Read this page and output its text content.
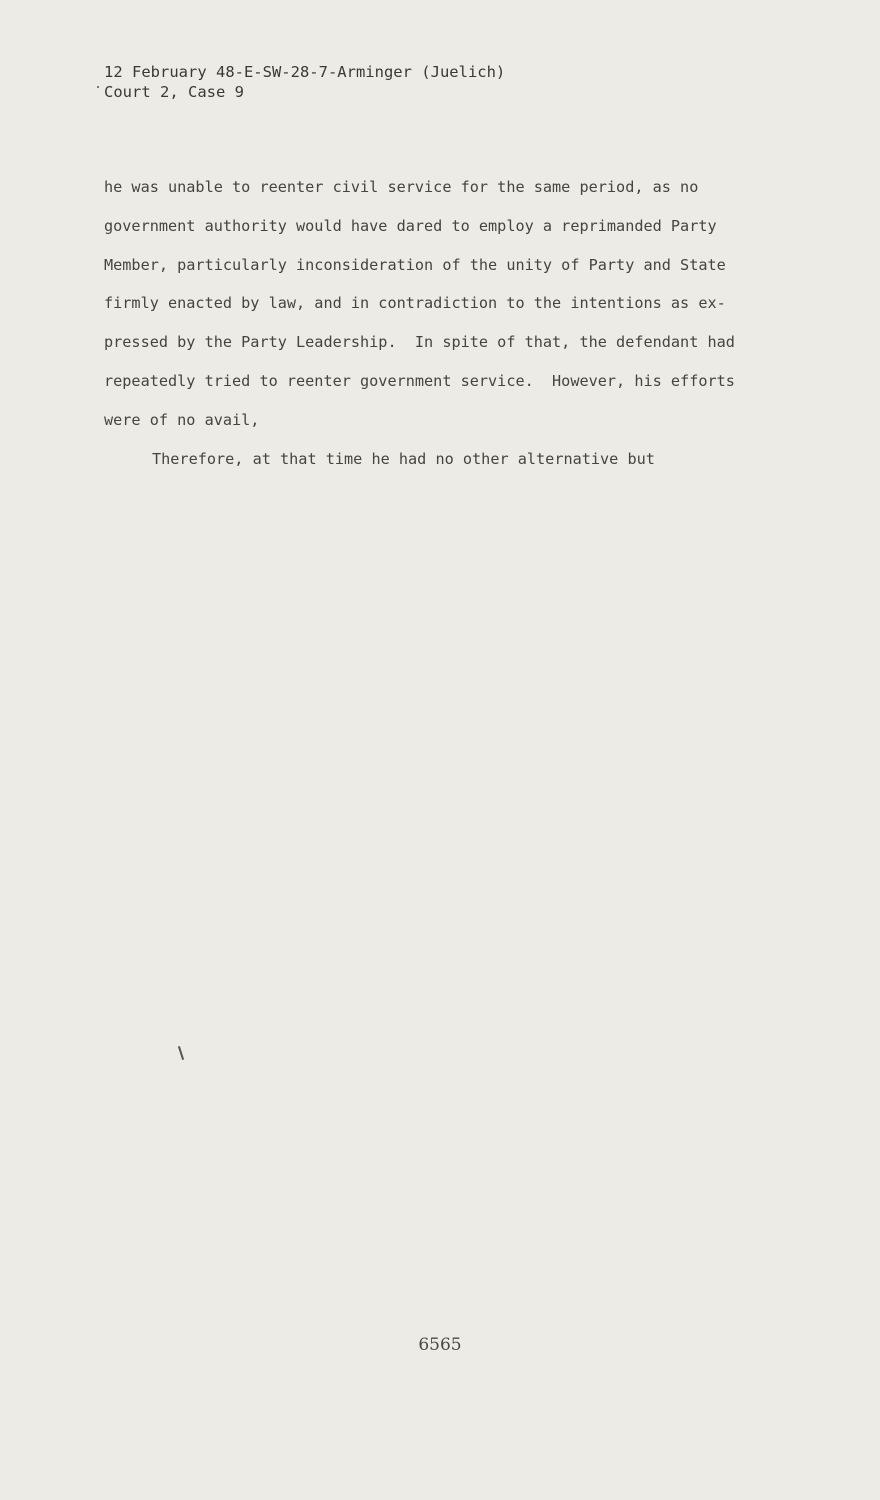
12 February 48-E-SW-28-7-Arminger (Juelich)
Court 2, Case 9
he was unable to reenter civil service for the same period, as no
government authority would have dared to employ a reprimanded Party
Member, particularly inconsideration of the unity of Party and State
firmly enacted by law, and in contradiction to the intentions as ex-
pressed by the Party Leadership.  In spite of that, the defendant had
repeatedly tried to reenter government service.  However, his efforts
were of no avail,
Therefore, at that time he had no other alternative but
6565
